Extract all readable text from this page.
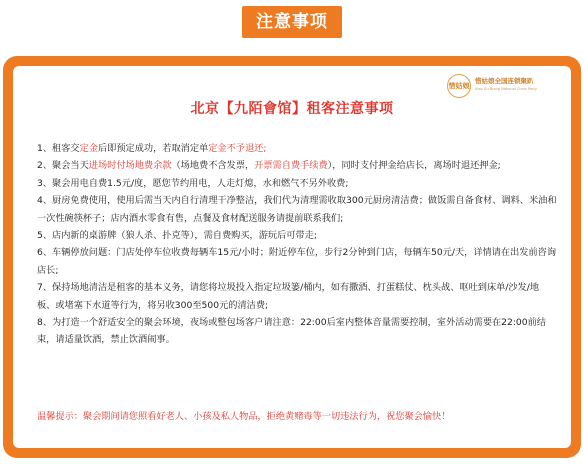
注意事项
惜姑娘
惜姑娘全国连锁聚趴
Xiao Gu Niang National Chain Party
北京【九陌會馆】租客注意事项

1、租客交定金后即预定成功，若取消定单定金不予退还;

2、聚会当天进场时付场地费余款（场地费不含发票，开票需自费手续费），同时支付押金给店长，离场时退还押金;

3、聚会用电自费1.5元/度，愿您节约用电，人走灯熄，水和燃气不另外收费;

4、厨房免费使用，使用后需当天内自行清理干净整洁，我们代为清理需收取300元厨房清洁费；做饭需自备食材、调料、米油和一次性碗筷杯子；店内酒水零食有售，点餐及食材配送服务请提前联系我们;

5、店内新的桌游牌（狼人杀、扑克等），需自费购买，游玩后可带走;

6、车辆停放问题：门店处停车位收费每辆车15元/小时；附近停车位，步行2分钟到门店，每辆车50元/天，详情请在出发前咨询店长;

7、保持场地清洁是租客的基本义务，请您将垃圾投入指定垃圾篓/桶内，如有撒酒、打蛋糕仗、枕头战、呕吐到床单/沙发/地板、或堵塞下水道等行为，将另收300至500元的清洁费;

8、为打造一个舒适安全的聚会环境，夜场或整包场客户请注意：22:00后室内整体音量需要控制，室外活动需要在22:00前结束，请适量饮酒，禁止饮酒闹事。

温馨提示：聚会期间请您照看好老人、小孩及私人物品，拒绝黄赌毒等一切违法行为，祝您聚会愉快！
